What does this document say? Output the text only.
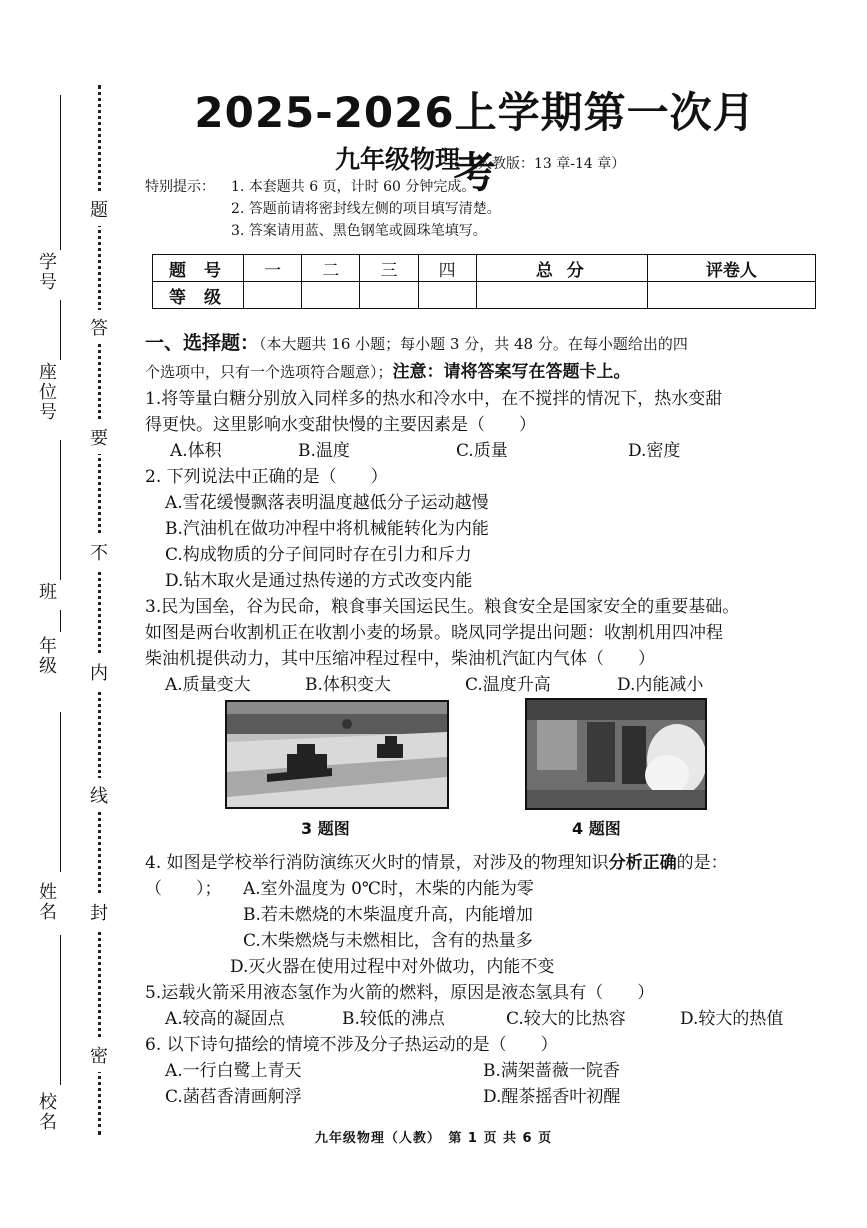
学号
座位号
班
年级
姓名
校名
题
答
要
不
内
线
封
密
2025-2026上学期第一次月考
九年级物理 （人教版：13 章-14 章）
特别提示： 1. 本套题共 6 页，计时 60 分钟完成。
2. 答题前请将密封线左侧的项目填写清楚。
3. 答案请用蓝、黑色钢笔或圆珠笔填写。
题 号	一	二	三	四	总 分	评卷人
等 级						
一、选择题：（本大题共 16 小题；每小题 3 分，共 48 分。在每小题给出的四
个选项中，只有一个选项符合题意）；注意：请将答案写在答题卡上。
1.将等量白糖分别放入同样多的热水和冷水中，在不搅拌的情况下，热水变甜
得更快。这里影响水变甜快慢的主要因素是（　　）
A.体积	B.温度	C.质量	D.密度
2. 下列说法中正确的是（　　）
A.雪花缓慢飘落表明温度越低分子运动越慢
B.汽油机在做功冲程中将机械能转化为内能
C.构成物质的分子间同时存在引力和斥力
D.钻木取火是通过热传递的方式改变内能
3.民为国垒，谷为民命，粮食事关国运民生。粮食安全是国家安全的重要基础。
如图是两台收割机正在收割小麦的场景。晓凤同学提出问题：收割机用四冲程
柴油机提供动力，其中压缩冲程过程中，柴油机汽缸内气体（　　）
A.质量变大	B.体积变大	C.温度升高	D.内能减小
3 题图	4 题图
4. 如图是学校举行消防演练灭火时的情景，对涉及的物理知识分析正确的是：
（　　）； A.室外温度为 0℃时，木柴的内能为零
B.若未燃烧的木柴温度升高，内能增加
C.木柴燃烧与未燃相比，含有的热量多
D.灭火器在使用过程中对外做功，内能不变
5.运载火箭采用液态氢作为火箭的燃料，原因是液态氢具有（　　）
A.较高的凝固点	B.较低的沸点	C.较大的比热容	D.较大的热值
6. 以下诗句描绘的情境不涉及分子热运动的是（　　）
A.一行白鹭上青天	B.满架蔷薇一院香
C.菡萏香清画舸浮	D.醒茶摇香叶初醒
九年级物理（人教）　第 1 页 共 6 页
